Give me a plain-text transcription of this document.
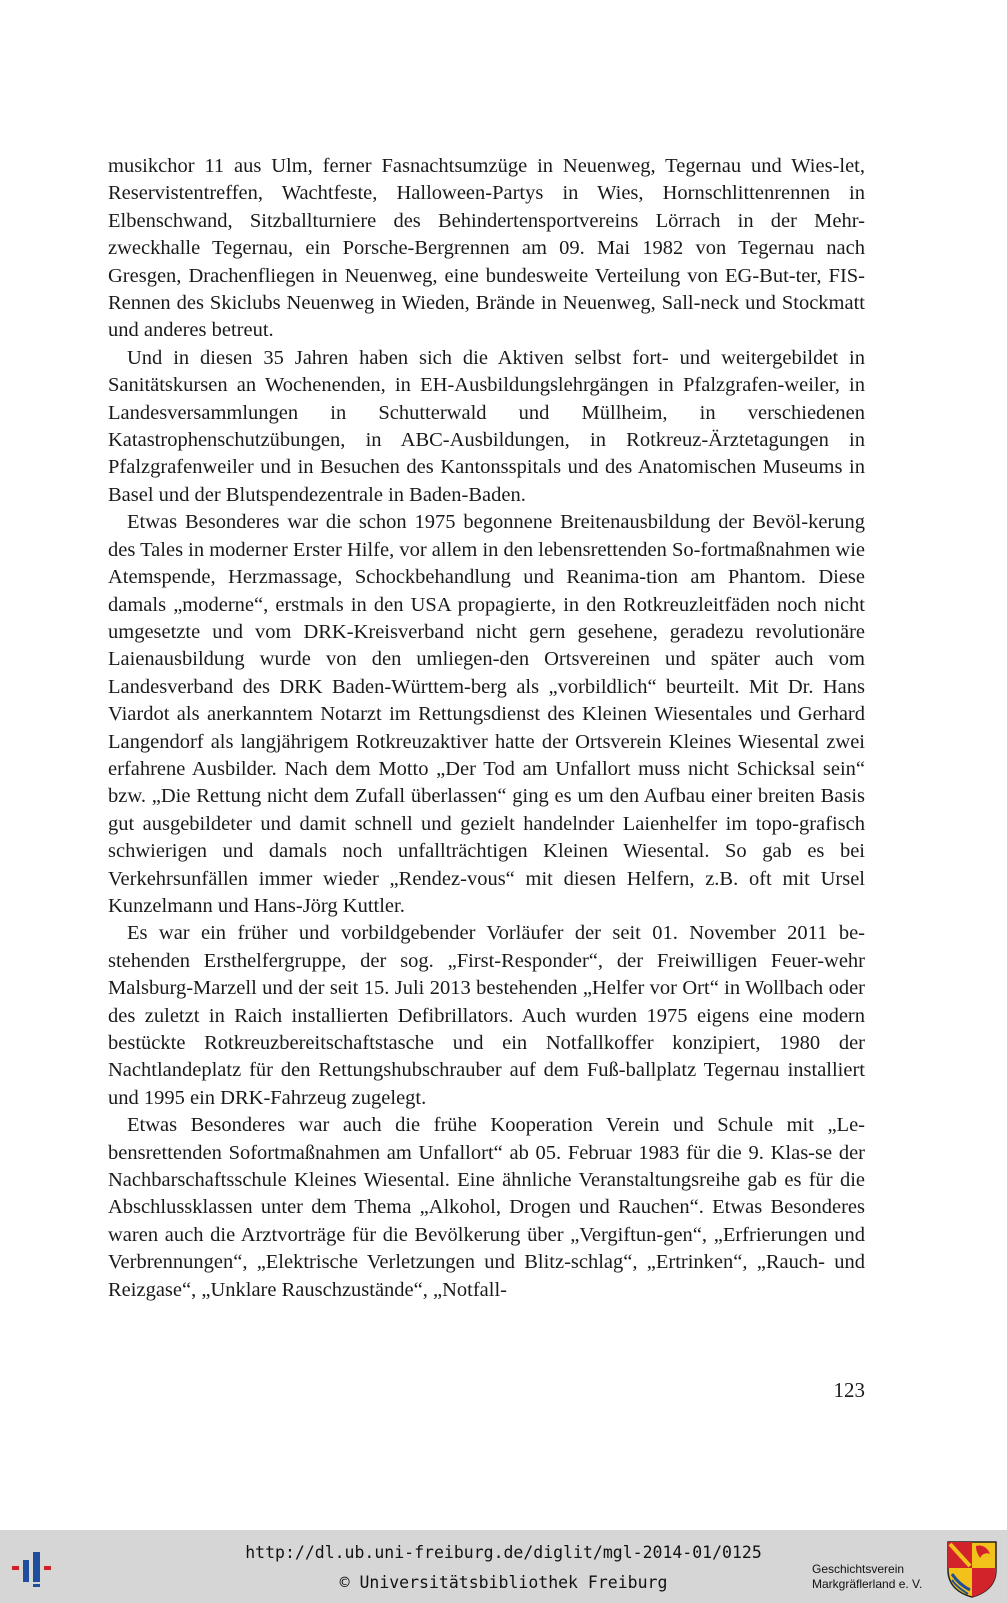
musikchor 11 aus Ulm, ferner Fasnachtsumzüge in Neuenweg, Tegernau und Wies-let, Reservistentreffen, Wachtfeste, Halloween-Partys in Wies, Hornschlittenrennen in Elbenschwand, Sitzballturniere des Behindertensportvereins Lörrach in der Mehr-zweckhalle Tegernau, ein Porsche-Bergrennen am 09. Mai 1982 von Tegernau nach Gresgen, Drachenfliegen in Neuenweg, eine bundesweite Verteilung von EG-But-ter, FIS-Rennen des Skiclubs Neuenweg in Wieden, Brände in Neuenweg, Sall-neck und Stockmatt und anderes betreut.

Und in diesen 35 Jahren haben sich die Aktiven selbst fort- und weitergebildet in Sanitätskursen an Wochenenden, in EH-Ausbildungslehrgängen in Pfalzgrafen-weiler, in Landesversammlungen in Schutterwald und Müllheim, in verschiedenen Katastrophenschutzübungen, in ABC-Ausbildungen, in Rotkreuz-Ärztetagungen in Pfalzgrafenweiler und in Besuchen des Kantonsspitals und des Anatomischen Museums in Basel und der Blutspendezentrale in Baden-Baden.

Etwas Besonderes war die schon 1975 begonnene Breitenausbildung der Bevöl-kerung des Tales in moderner Erster Hilfe, vor allem in den lebensrettenden So-fortmaßnahmen wie Atemspende, Herzmassage, Schockbehandlung und Reanima-tion am Phantom. Diese damals „moderne“, erstmals in den USA propagierte, in den Rotkreuzleitfäden noch nicht umgesetzte und vom DRK-Kreisverband nicht gern gesehene, geradezu revolutionäre Laienausbildung wurde von den umliegen-den Ortsvereinen und später auch vom Landesverband des DRK Baden-Württem-berg als „vorbildlich“ beurteilt. Mit Dr. Hans Viardot als anerkanntem Notarzt im Rettungsdienst des Kleinen Wiesentales und Gerhard Langendorf als langjährigem Rotkreuzaktiver hatte der Ortsverein Kleines Wiesental zwei erfahrene Ausbilder. Nach dem Motto „Der Tod am Unfallort muss nicht Schicksal sein“ bzw. „Die Rettung nicht dem Zufall überlassen“ ging es um den Aufbau einer breiten Basis gut ausgebildeter und damit schnell und gezielt handelnder Laienhelfer im topo-grafisch schwierigen und damals noch unfallträchtigen Kleinen Wiesental. So gab es bei Verkehrsunfällen immer wieder „Rendez-vous“ mit diesen Helfern, z.B. oft mit Ursel Kunzelmann und Hans-Jörg Kuttler.

Es war ein früher und vorbildgebender Vorläufer der seit 01. November 2011 be-stehenden Ersthelfergruppe, der sog. „First-Responder“, der Freiwilligen Feuer-wehr Malsburg-Marzell und der seit 15. Juli 2013 bestehenden „Helfer vor Ort“ in Wollbach oder des zuletzt in Raich installierten Defibrillators. Auch wurden 1975 eigens eine modern bestückte Rotkreuzbereitschaftstasche und ein Notfallkoffer konzipiert, 1980 der Nachtlandeplatz für den Rettungshubschrauber auf dem Fuß-ballplatz Tegernau installiert und 1995 ein DRK-Fahrzeug zugelegt.

Etwas Besonderes war auch die frühe Kooperation Verein und Schule mit „Le-bensrettenden Sofortmaßnahmen am Unfallort“ ab 05. Februar 1983 für die 9. Klas-se der Nachbarschaftsschule Kleines Wiesental. Eine ähnliche Veranstaltungsreihe gab es für die Abschlussklassen unter dem Thema „Alkohol, Drogen und Rauchen“. Etwas Besonderes waren auch die Arztvorträge für die Bevölkerung über „Vergiftun-gen“, „Erfrierungen und Verbrennungen“, „Elektrische Verletzungen und Blitz-schlag“, „Ertrinken“, „Rauch- und Reizgase“, „Unklare Rauschzustände“, „Notfall-

123
http://dl.ub.uni-freiburg.de/diglit/mgl-2014-01/0125
© Universitätsbibliothek Freiburg
Geschichtsverein
Markgräflerland e. V.
